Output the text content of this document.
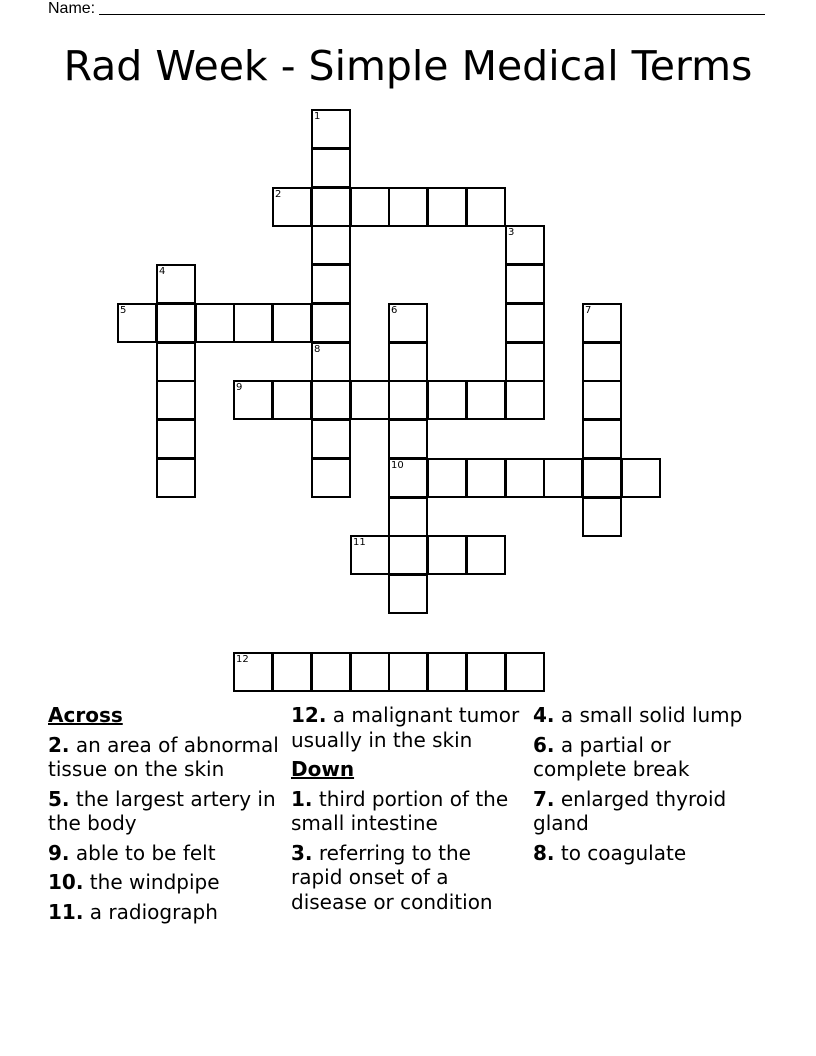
Name:
Rad Week - Simple Medical Terms
1
2
3
4
5	6
10
7
8
9
11
12
Across
2. an area of abnormal tissue on the skin
5. the largest artery in the body
9. able to be felt
10. the windpipe
11. a radiograph
12. a malignant tumor usually in the skin
Down
1. third portion of the small intestine
3. referring to the rapid onset of a disease or condition
4. a small solid lump
6. a partial or complete break
7. enlarged thyroid gland
8. to coagulate
